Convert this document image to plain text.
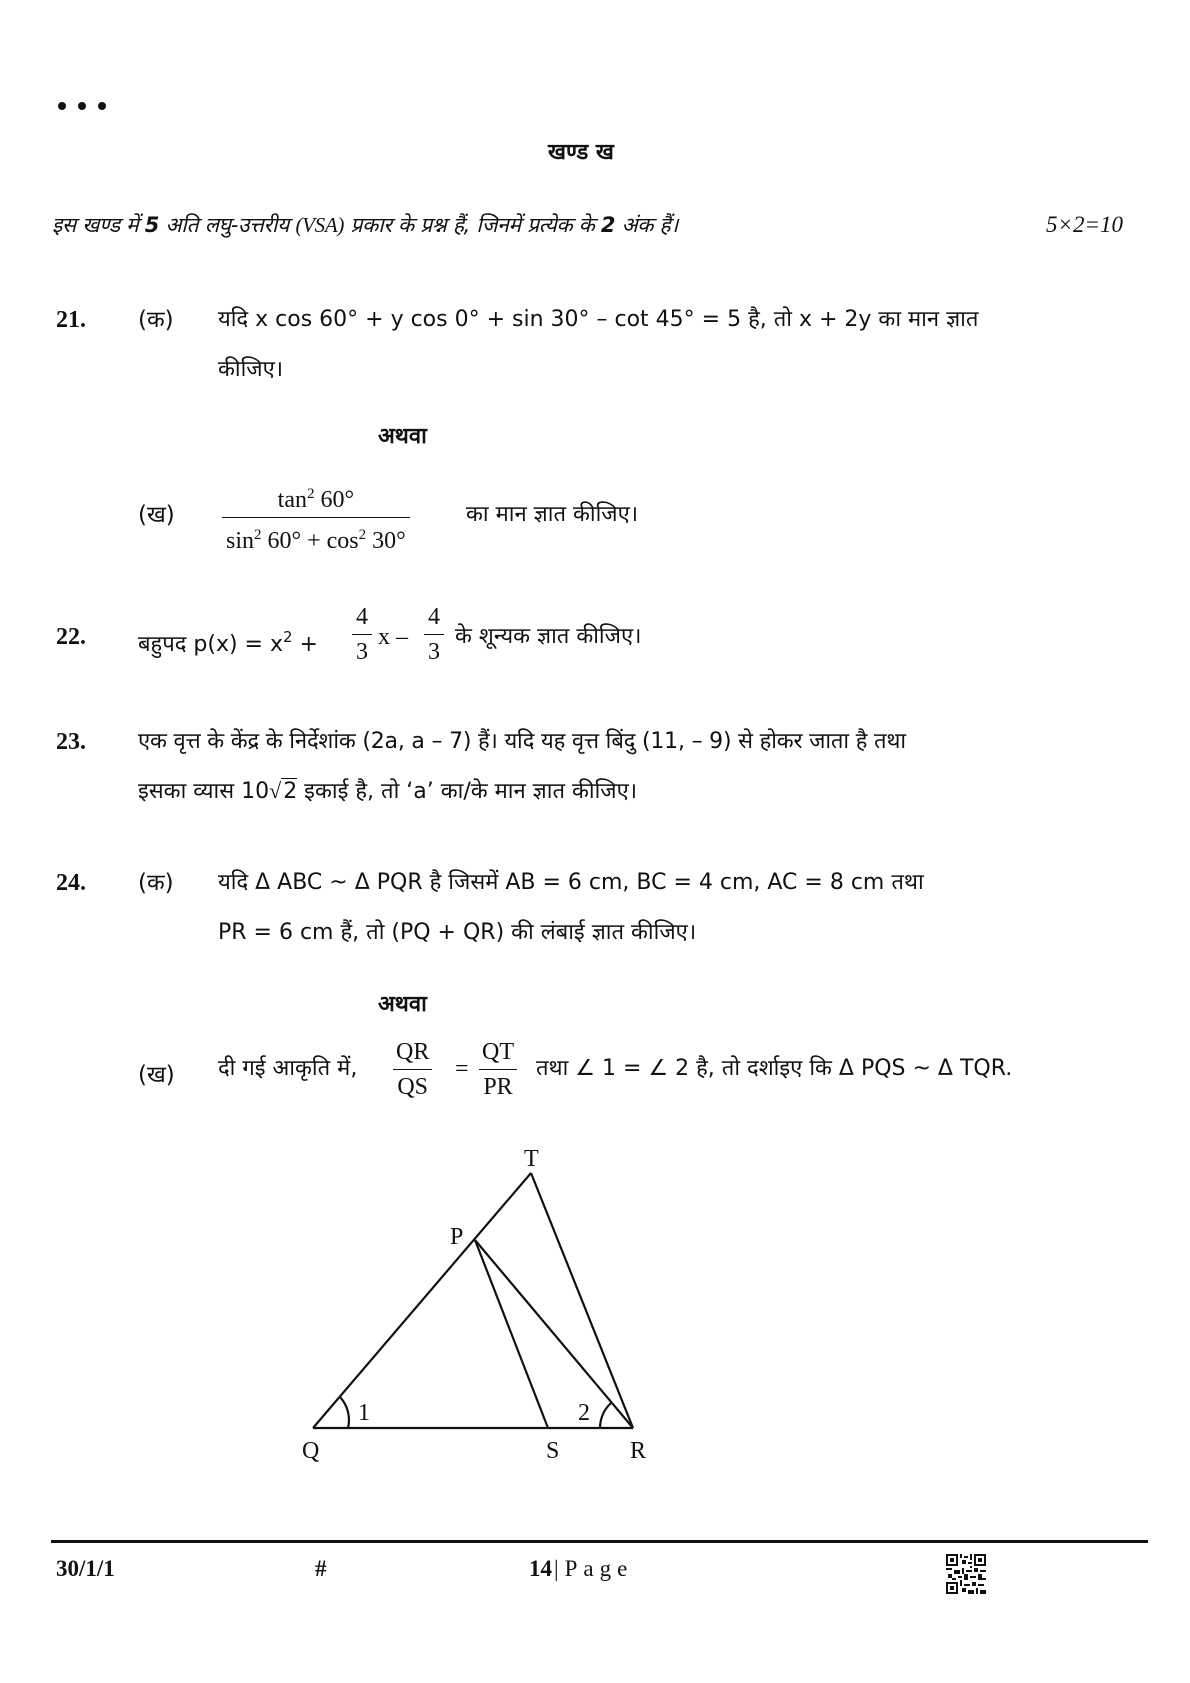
खण्ड ख
इस खण्ड में 5 अति लघु-उत्तरीय (VSA) प्रकार के प्रश्न हैं, जिनमें प्रत्येक के 2 अंक हैं।	5×2=10
21. (क) यदि x cos 60° + y cos 0° + sin 30° – cot 45° = 5 है, तो x + 2y का मान ज्ञात
कीजिए।
अथवा
(ख) $\frac{\tan^2 60^\circ}{\sin^2 60^\circ + \cos^2 30^\circ}$	का मान ज्ञात कीजिए।
22. बहुपद $p(x) = x^2 + \frac{4}{3}$ x – $\frac{4}{3}$ के शून्यक ज्ञात कीजिए।
23. एक वृत्त के केंद्र के निर्देशांक (2a, a – 7) हैं। यदि यह वृत्त बिंदु (11, – 9) से होकर जाता है तथा
इसका व्यास 10√2 इकाई है, तो ‘a’ का/के मान ज्ञात कीजिए।
24. (क) यदि Δ ABC ~ Δ PQR है जिसमें AB = 6 cm, BC = 4 cm, AC = 8 cm तथा
PR = 6 cm हैं, तो (PQ + QR) की लंबाई ज्ञात कीजिए।
अथवा
(ख) दी गई आकृति में, $\frac{QR}{QS} = \frac{QT}{PR}$ तथा ∠ 1 = ∠ 2 है, तो दर्शाइए कि Δ PQS ~ Δ TQR.
T
P
Q	S	R
1	2
30/1/1	#	14| Page
